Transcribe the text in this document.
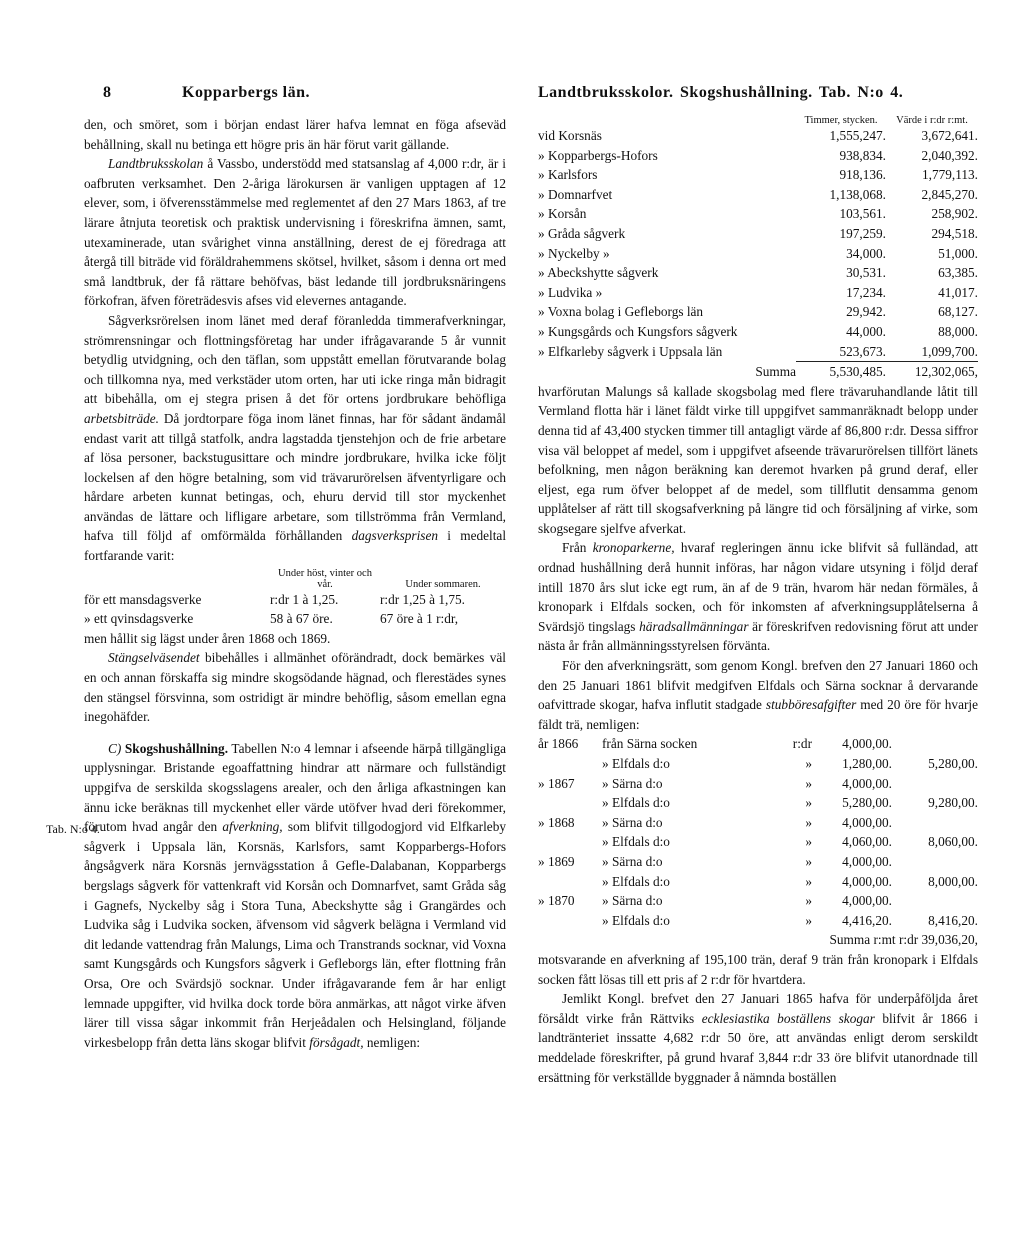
8	Kopparbergs län.	Landtbruksskolor. Skogshushållning. Tab. N:o 4.

den, och smöret, som i början endast lärer hafva lemnat en föga afseväd behållning, skall nu betinga ett högre pris än här förut varit gällande.

Landtbruksskolan å Vassbo, understödd med statsanslag af 4,000 r:dr, är i oafbruten verksamhet. Den 2-åriga lärokursen är vanligen upptagen af 12 elever, som, i öfverensstämmelse med reglementet af den 27 Mars 1863, af tre lärare åtnjuta teoretisk och praktisk undervisning i föreskrifna ämnen, samt, utexaminerade, utan svårighet vinna anställning, derest de ej föredraga att återgå till biträde vid föräldrahemmens skötsel, hvilket, såsom i denna ort med små landtbruk, der få rättare behöfvas, bäst ledande till jordbruksnäringens förkofran, äfven företrädesvis afses vid elevernes antagande.

Sågverksrörelsen inom länet med deraf föranledda timmerafverkningar, strömrensningar och flottningsföretag har under ifrågavarande 5 år vunnit betydlig utvidgning, och den täflan, som uppstått emellan förutvarande bolag och tillkomna nya, med verkstäder utom orten, har uti icke ringa mån bidragit att bibehålla, om ej stegra prisen å det för ortens jordbrukare behöfliga arbetsbiträde. Då jordtorpare föga inom länet finnas, har för sådant ändamål endast varit att tillgå statfolk, andra lagstadda tjenstehjon och de frie arbetare af lösa personer, backstugusittare och mindre jordbrukare, hvilka icke följt lockelsen af den högre betalning, som vid trävarurörelsen äfventyrligare och hårdare arbeten kunnat betingas, och, ehuru dervid till stor myckenhet användas de lättare och lifligare arbetare, som tillströmma från Vermland, hafva till följd af omförmälda förhållanden dagsverksprisen i medeltal fortfarande varit:

	Under höst, vinter och vår.	Under sommaren.
för ett mansdagsverke	r:dr 1 à 1,25.	r:dr 1,25 à 1,75.
» ett qvinsdagsverke	58 à 67 öre.	67 öre à 1 r:dr,

men hållit sig lägst under åren 1868 och 1869.

Stängselväsendet bibehålles i allmänhet oförändradt, dock bemärkes väl en och annan förskaffa sig mindre skogsödande hägnad, och flerestädes synes den stängsel försvinna, som ostridigt är mindre behöflig, såsom emellan egna inegohäfder.

C) Skogshushållning. Tabellen N:o 4 lemnar i afseende härpå tillgängliga upplysningar. Bristande egoaffattning hindrar att närmare och fullständigt uppgifva de serskilda skogsslagens arealer, och den årliga afkastningen kan ännu icke beräknas till myckenhet eller värde utöfver hvad deri förekommer, förutom hvad angår den afverkning, som blifvit tillgodogjord vid Elfkarleby sågverk i Uppsala län, Korsnäs, Karlsfors, samt Kopparbergs-Hofors ångsågverk nära Korsnäs jernvägsstation å Gefle-Dalabanan, Kopparbergs bergslags sågverk för vattenkraft vid Korsån och Domnarfvet, samt Gråda såg i Gagnefs, Nyckelby såg i Stora Tuna, Abeckshytte såg i Grangärdes och Ludvika såg i Ludvika socken, äfvensom vid sågverk belägna i Vermland vid dit ledande vattendrag från Malungs, Lima och Transtrands socknar, vid Voxna samt Kungsgårds och Kungsfors sågverk i Gefleborgs län, efter flottning från Orsa, Ore och Svärdsjö socknar. Under ifrågavarande fem år har enligt lemnade uppgifter, vid hvilka dock torde böra anmärkas, att något virke äfven lärer till vissa sågar inkommit från Herjeådalen och Helsingland, följande virkesbelopp från detta läns skogar blifvit försågadt, nemligen:

Tab. N:o 4.
	Timmer, stycken.	Värde i r:dr r:mt.
vid Korsnäs	1,555,247.	3,672,641.
» Kopparbergs-Hofors	938,834.	2,040,392.
» Karlsfors	918,136.	1,779,113.
» Domnarfvet	1,138,068.	2,845,270.
» Korsån	103,561.	258,902.
» Gråda sågverk	197,259.	294,518.
» Nyckelby »	34,000.	51,000.
» Abeckshytte sågverk	30,531.	63,385.
» Ludvika »	17,234.	41,017.
» Voxna bolag i Gefleborgs län	29,942.	68,127.
» Kungsgårds och Kungsfors sågverk	44,000.	88,000.
» Elfkarleby sågverk i Uppsala län	523,673.	1,099,700.
Summa	5,530,485.	12,302,065,

hvarförutan Malungs så kallade skogsbolag med flere trävaruhandlande låtit till Vermland flotta här i länet fäldt virke till uppgifvet sammanräknadt belopp under denna tid af 43,400 stycken timmer till antagligt värde af 86,800 r:dr. Dessa siffror visa väl beloppet af medel, som i uppgifvet afseende trävarurörelsen tillfört länets befolkning, men någon beräkning kan deremot hvarken på grund deraf, eller eljest, ega rum öfver beloppet af de medel, som tillflutit densamma genom upplåtelser af rätt till skogsafverkning på längre tid och försäljning af virke, som skogsegare sjelfve afverkat.

Från kronoparkerne, hvaraf regleringen ännu icke blifvit så fulländad, att ordnad hushållning derå hunnit införas, har någon vidare utsyning i följd deraf intill 1870 års slut icke egt rum, än af de 9 trän, hvarom här nedan förmäles, å kronopark i Elfdals socken, och för inkomsten af afverkningsupplåtelserna å Svärdsjö tingslags häradsallmänningar är föreskrifven redovisning förut att under nästa år från allmänningsstyrelsen förvänta.

För den afverkningsrätt, som genom Kongl. brefven den 27 Januari 1860 och den 25 Januari 1861 blifvit medgifven Elfdals och Särna socknar å dervarande oafvittrade skogar, hafva influtit stadgade stubböresafgifter med 20 öre för hvarje fäldt trä, nemligen:

år 1866	från Särna socken	r:dr	4,000,00.	
	» Elfdals d:o	»	1,280,00.	5,280,00.
» 1867	» Särna d:o	»	4,000,00.	
	» Elfdals d:o	»	5,280,00.	9,280,00.
» 1868	» Särna d:o	»	4,000,00.	
	» Elfdals d:o	»	4,060,00.	8,060,00.
» 1869	» Särna d:o	»	4,000,00.	
	» Elfdals d:o	»	4,000,00.	8,000,00.
» 1870	» Särna d:o	»	4,000,00.	
	» Elfdals d:o	»	4,416,20.	8,416,20.
Summa r:mt r:dr 39,036,20,				

motsvarande en afverkning af 195,100 trän, deraf 9 trän från kronopark i Elfdals socken fått lösas till ett pris af 2 r:dr för hvartdera.

Jemlikt Kongl. brefvet den 27 Januari 1865 hafva för underpåföljda året försåldt virke från Rättviks ecklesiastika boställens skogar blifvit år 1866 i landtränteriet inssatte 4,682 r:dr 50 öre, att användas enligt derom serskildt meddelade föreskrifter, på grund hvaraf 3,844 r:dr 33 öre blifvit utanordnade till ersättning för verkställde byggnader å nämnda boställen
